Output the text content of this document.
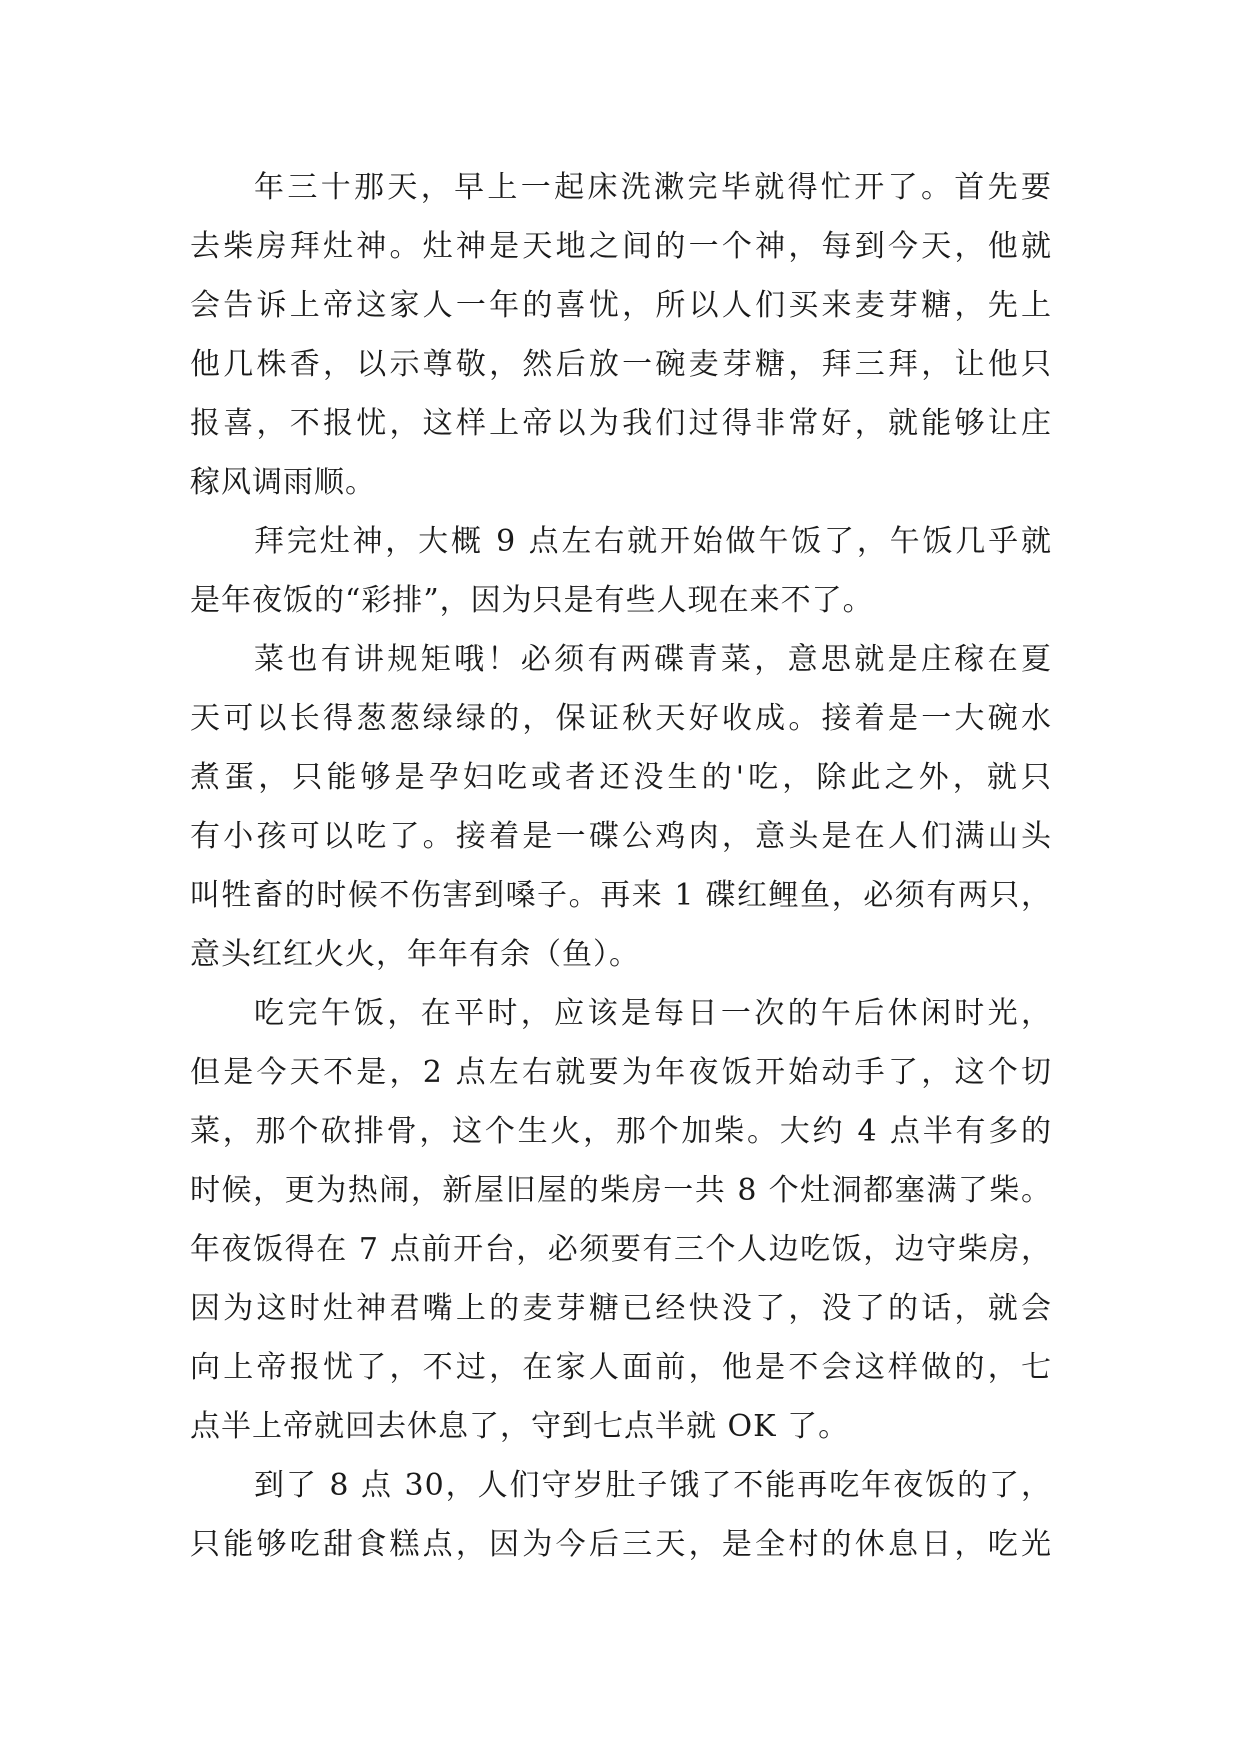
年三十那天，早上一起床洗漱完毕就得忙开了。首先要
去柴房拜灶神。灶神是天地之间的一个神，每到今天，他就
会告诉上帝这家人一年的喜忧，所以人们买来麦芽糖，先上
他几株香，以示尊敬，然后放一碗麦芽糖，拜三拜，让他只
报喜，不报忧，这样上帝以为我们过得非常好，就能够让庄
稼风调雨顺。
拜完灶神，大概 9 点左右就开始做午饭了，午饭几乎就
是年夜饭的“彩排”，因为只是有些人现在来不了。
菜也有讲规矩哦！必须有两碟青菜，意思就是庄稼在夏
天可以长得葱葱绿绿的，保证秋天好收成。接着是一大碗水
煮蛋，只能够是孕妇吃或者还没生的'吃，除此之外，就只
有小孩可以吃了。接着是一碟公鸡肉，意头是在人们满山头
叫牲畜的时候不伤害到嗓子。再来 1 碟红鲤鱼，必须有两只，
意头红红火火，年年有余（鱼）。
吃完午饭，在平时，应该是每日一次的午后休闲时光，
但是今天不是，2 点左右就要为年夜饭开始动手了，这个切
菜，那个砍排骨，这个生火，那个加柴。大约 4 点半有多的
时候，更为热闹，新屋旧屋的柴房一共 8 个灶洞都塞满了柴。
年夜饭得在 7 点前开台，必须要有三个人边吃饭，边守柴房，
因为这时灶神君嘴上的麦芽糖已经快没了，没了的话，就会
向上帝报忧了，不过，在家人面前，他是不会这样做的，七
点半上帝就回去休息了，守到七点半就 OK 了。
到了 8 点 30，人们守岁肚子饿了不能再吃年夜饭的了，
只能够吃甜食糕点，因为今后三天，是全村的休息日，吃光
